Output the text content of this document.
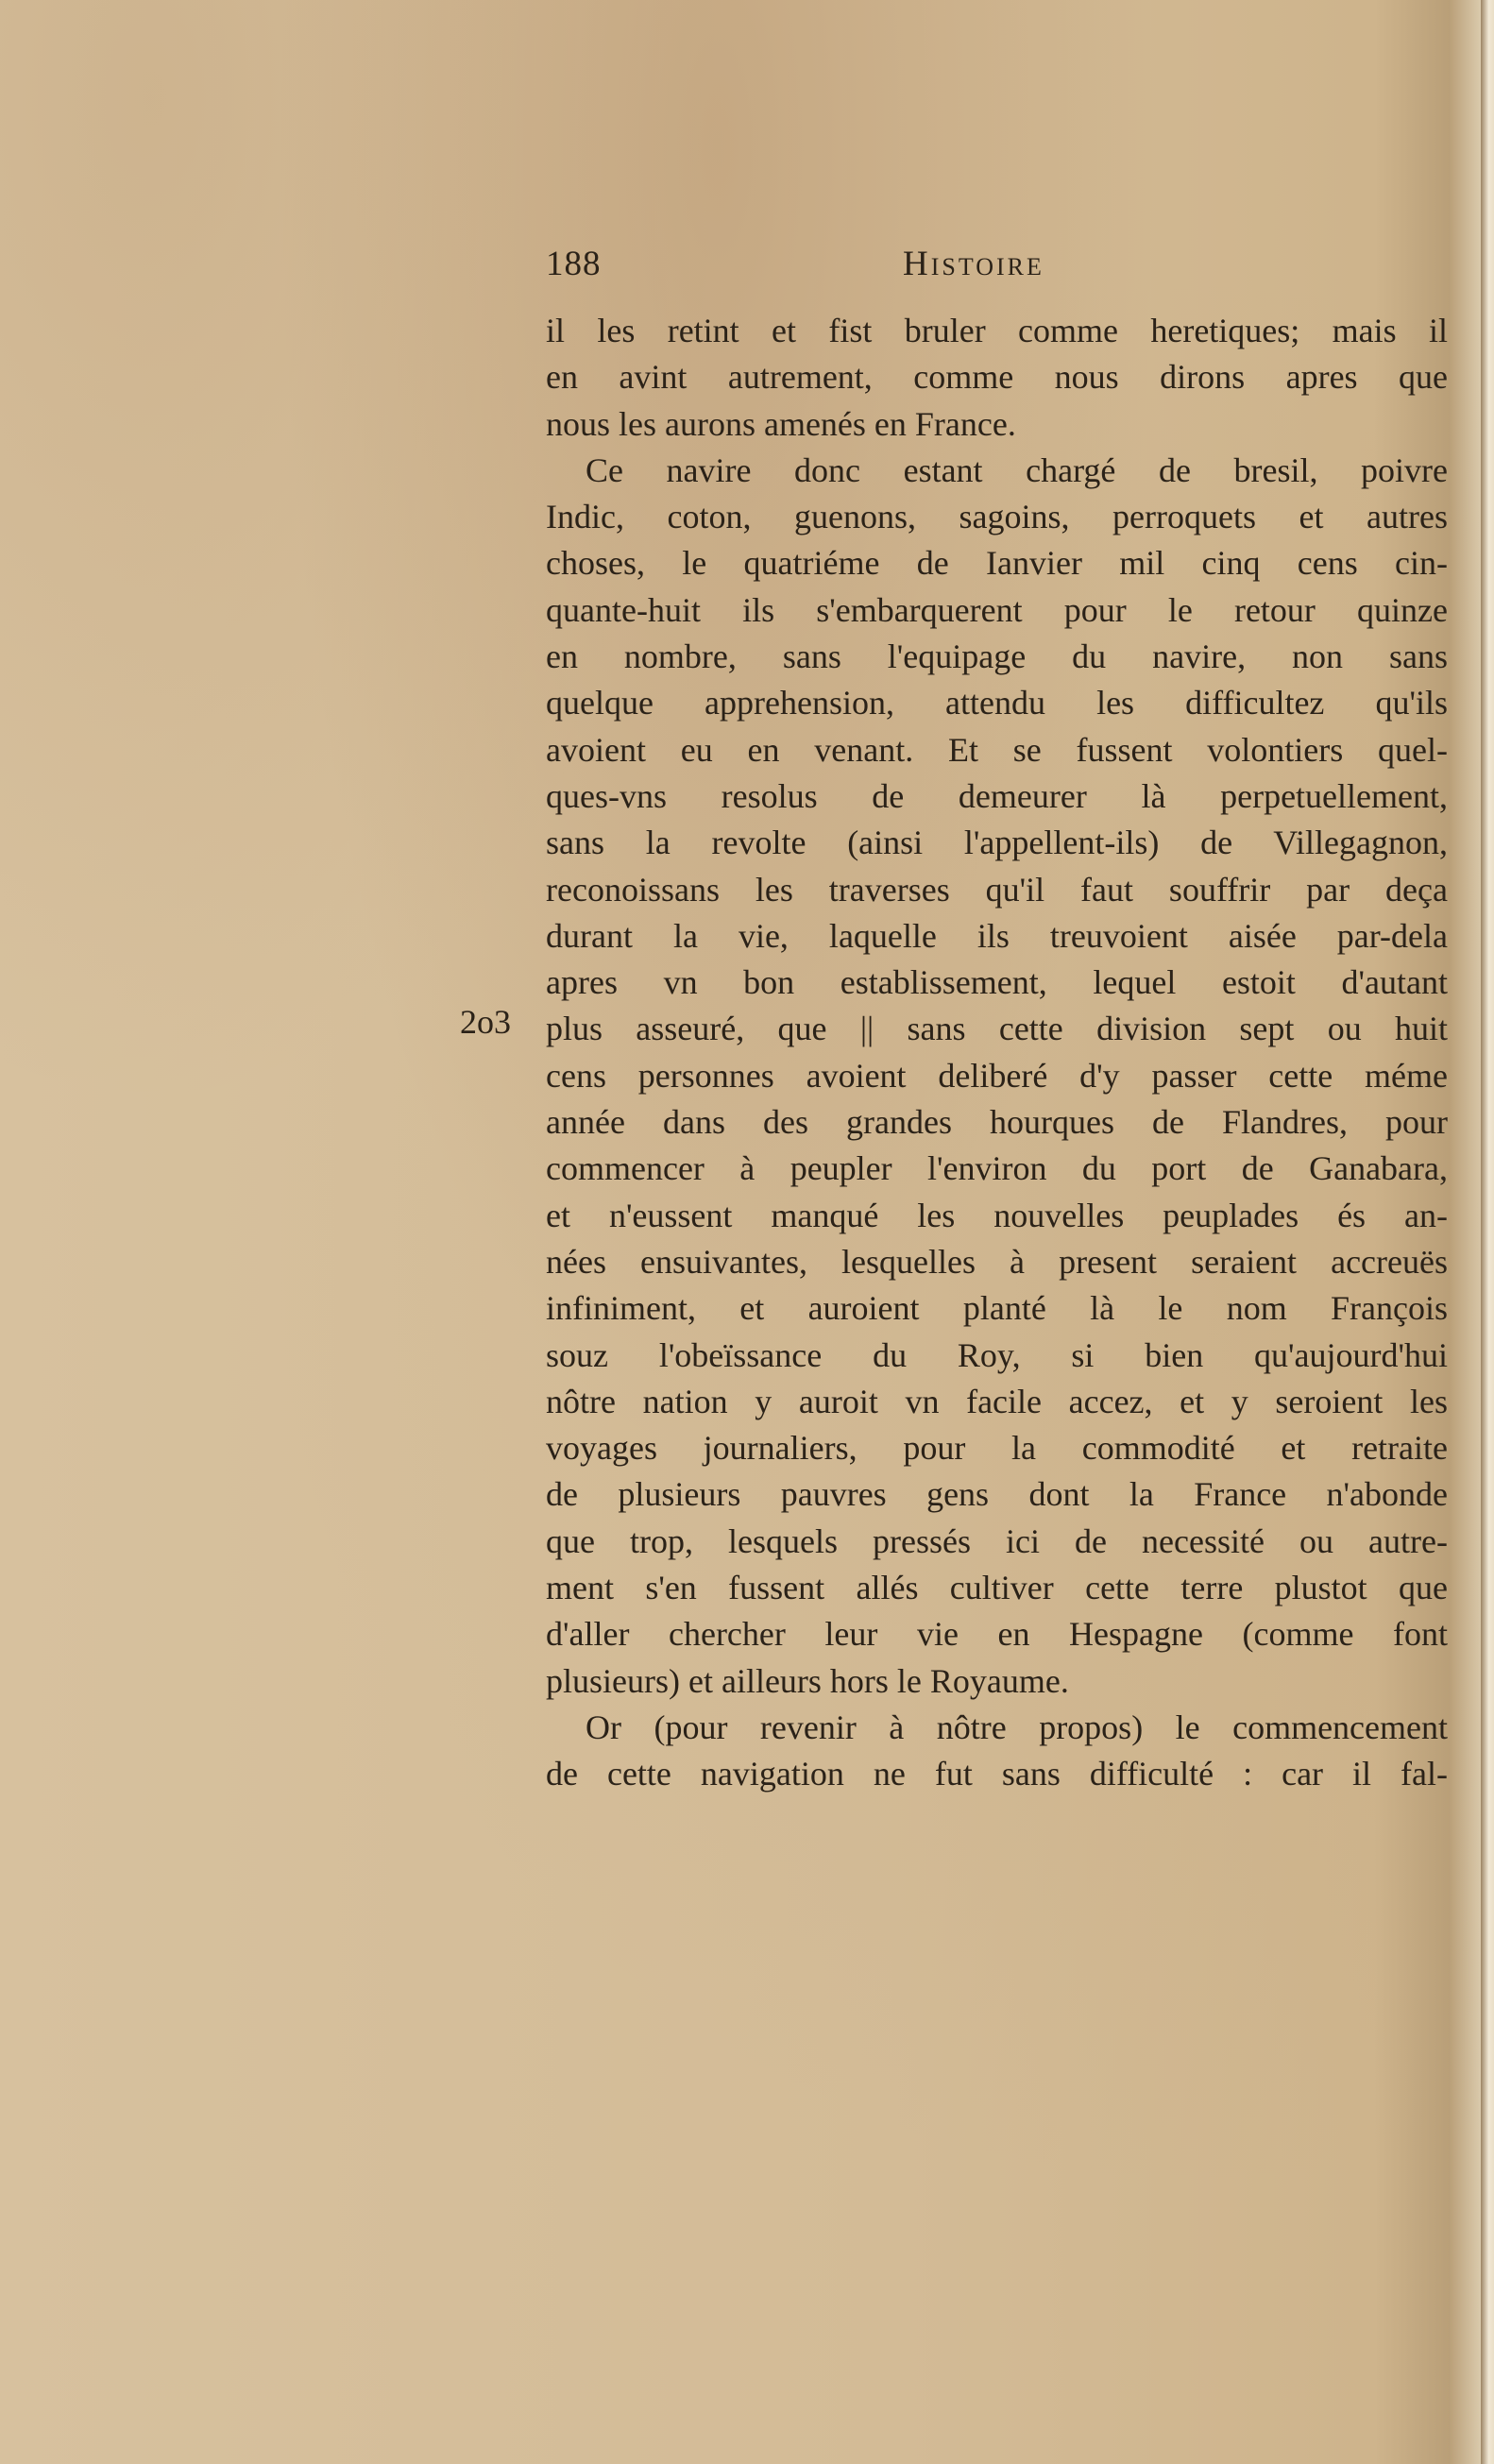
188	Histoire
2o3
il les retint et fist bruler comme heretiques; mais il
en avint autrement, comme nous dirons apres que
nous les aurons amenés en France.
Ce navire donc estant chargé de bresil, poivre
Indic, coton, guenons, sagoins, perroquets et autres
choses, le quatriéme de Ianvier mil cinq cens cin-
quante-huit ils s'embarquerent pour le retour quinze
en nombre, sans l'equipage du navire, non sans
quelque apprehension, attendu les difficultez qu'ils
avoient eu en venant. Et se fussent volontiers quel-
ques-vns resolus de demeurer là perpetuellement,
sans la revolte (ainsi l'appellent-ils) de Villegagnon,
reconoissans les traverses qu'il faut souffrir par deça
durant la vie, laquelle ils treuvoient aisée par-dela
apres vn bon establissement, lequel estoit d'autant
plus asseuré, que || sans cette division sept ou huit
cens personnes avoient deliberé d'y passer cette méme
année dans des grandes hourques de Flandres, pour
commencer à peupler l'environ du port de Ganabara,
et n'eussent manqué les nouvelles peuplades és an-
nées ensuivantes, lesquelles à present seraient accreuës
infiniment, et auroient planté là le nom François
souz l'obeïssance du Roy, si bien qu'aujourd'hui
nôtre nation y auroit vn facile accez, et y seroient les
voyages journaliers, pour la commodité et retraite
de plusieurs pauvres gens dont la France n'abonde
que trop, lesquels pressés ici de necessité ou autre-
ment s'en fussent allés cultiver cette terre plustot que
d'aller chercher leur vie en Hespagne (comme font
plusieurs) et ailleurs hors le Royaume.
Or (pour revenir à nôtre propos) le commencement
de cette navigation ne fut sans difficulté : car il fal-
